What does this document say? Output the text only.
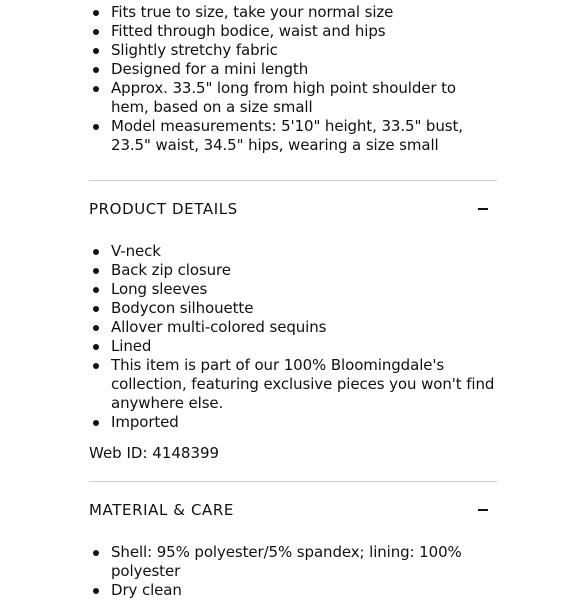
Fits true to size, take your normal size
Fitted through bodice, waist and hips
Slightly stretchy fabric
Designed for a mini length
Approx. 33.5" long from high point shoulder to hem, based on a size small
Model measurements: 5'10" height, 33.5" bust, 23.5" waist, 34.5" hips, wearing a size small
PRODUCT DETAILS
V-neck
Back zip closure
Long sleeves
Bodycon silhouette
Allover multi-colored sequins
Lined
This item is part of our 100% Bloomingdale's collection, featuring exclusive pieces you won't find anywhere else.
Imported
Web ID: 4148399
MATERIAL & CARE
Shell: 95% polyester/5% spandex; lining: 100% polyester
Dry clean
